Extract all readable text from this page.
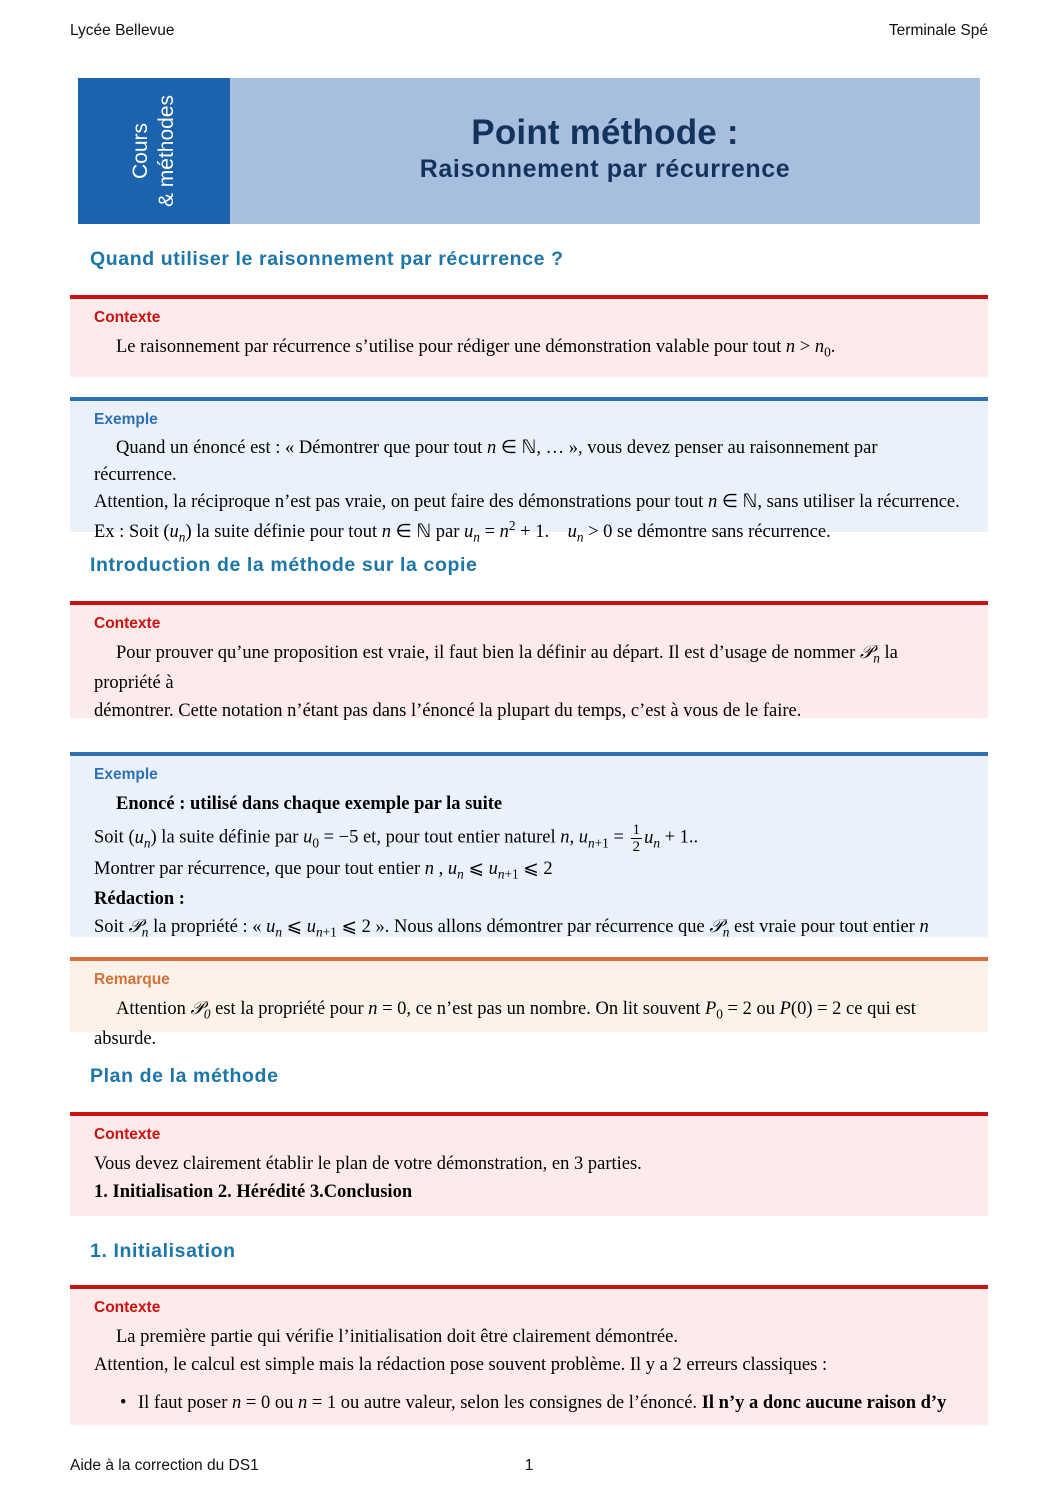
Lycée Bellevue	Terminale Spé
Cours & méthodes	Point méthode :
Raisonnement par récurrence
Quand utiliser le raisonnement par récurrence ?
Contexte

Le raisonnement par récurrence s’utilise pour rédiger une démonstration valable pour tout $n > n_0$.

Exemple

Quand un énoncé est : « Démontrer que pour tout n ∈ ℕ, … », vous devez penser au raisonnement par récurrence.

Attention, la réciproque n’est pas vraie, on peut faire des démonstrations pour tout n ∈ ℕ, sans utiliser la récurrence.

Ex : Soit $(u_n)$ la suite définie pour tout n ∈ ℕ par $u_n = n^2 + 1$.    $u_n > 0$ se démontre sans récurrence.

Introduction de la méthode sur la copie
Contexte

Pour prouver qu’une proposition est vraie, il faut bien la définir au départ. Il est d’usage de nommer 𝒫$_n$ la propriété à

démontrer. Cette notation n’étant pas dans l’énoncé la plupart du temps, c’est à vous de le faire.

Exemple

Enoncé : utilisé dans chaque exemple par la suite

Soit $(u_n)$ la suite définie par $u_0 = -5$ et, pour tout entier naturel n, $u_{n+1} = \frac{1}{2} u_n + 1$..

Montrer par récurrence, que pour tout entier n , $u_n$ ⩽ $u_{n+1}$ ⩽ 2

Rédaction :

Soit 𝒫$_n$ la propriété : « $u_n$ ⩽ $u_{n+1}$ ⩽ 2 ». Nous allons démontrer par récurrence que 𝒫$_n$ est vraie pour tout entier n

Remarque

Attention 𝒫$_0$ est la propriété pour n = 0, ce n’est pas un nombre. On lit souvent $P_0 = 2$ ou P(0) = 2 ce qui est absurde.

Plan de la méthode
Contexte

Vous devez clairement établir le plan de votre démonstration, en 3 parties.

1. Initialisation 2. Hérédité 3.Conclusion

1. Initialisation
Contexte

La première partie qui vérifie l’initialisation doit être clairement démontrée.

Attention, le calcul est simple mais la rédaction pose souvent problème. Il y a 2 erreurs classiques :

• Il faut poser n = 0 ou n = 1 ou autre valeur, selon les consignes de l’énoncé. Il n’y a donc aucune raison d’y

Aide à la correction du DS1	1
